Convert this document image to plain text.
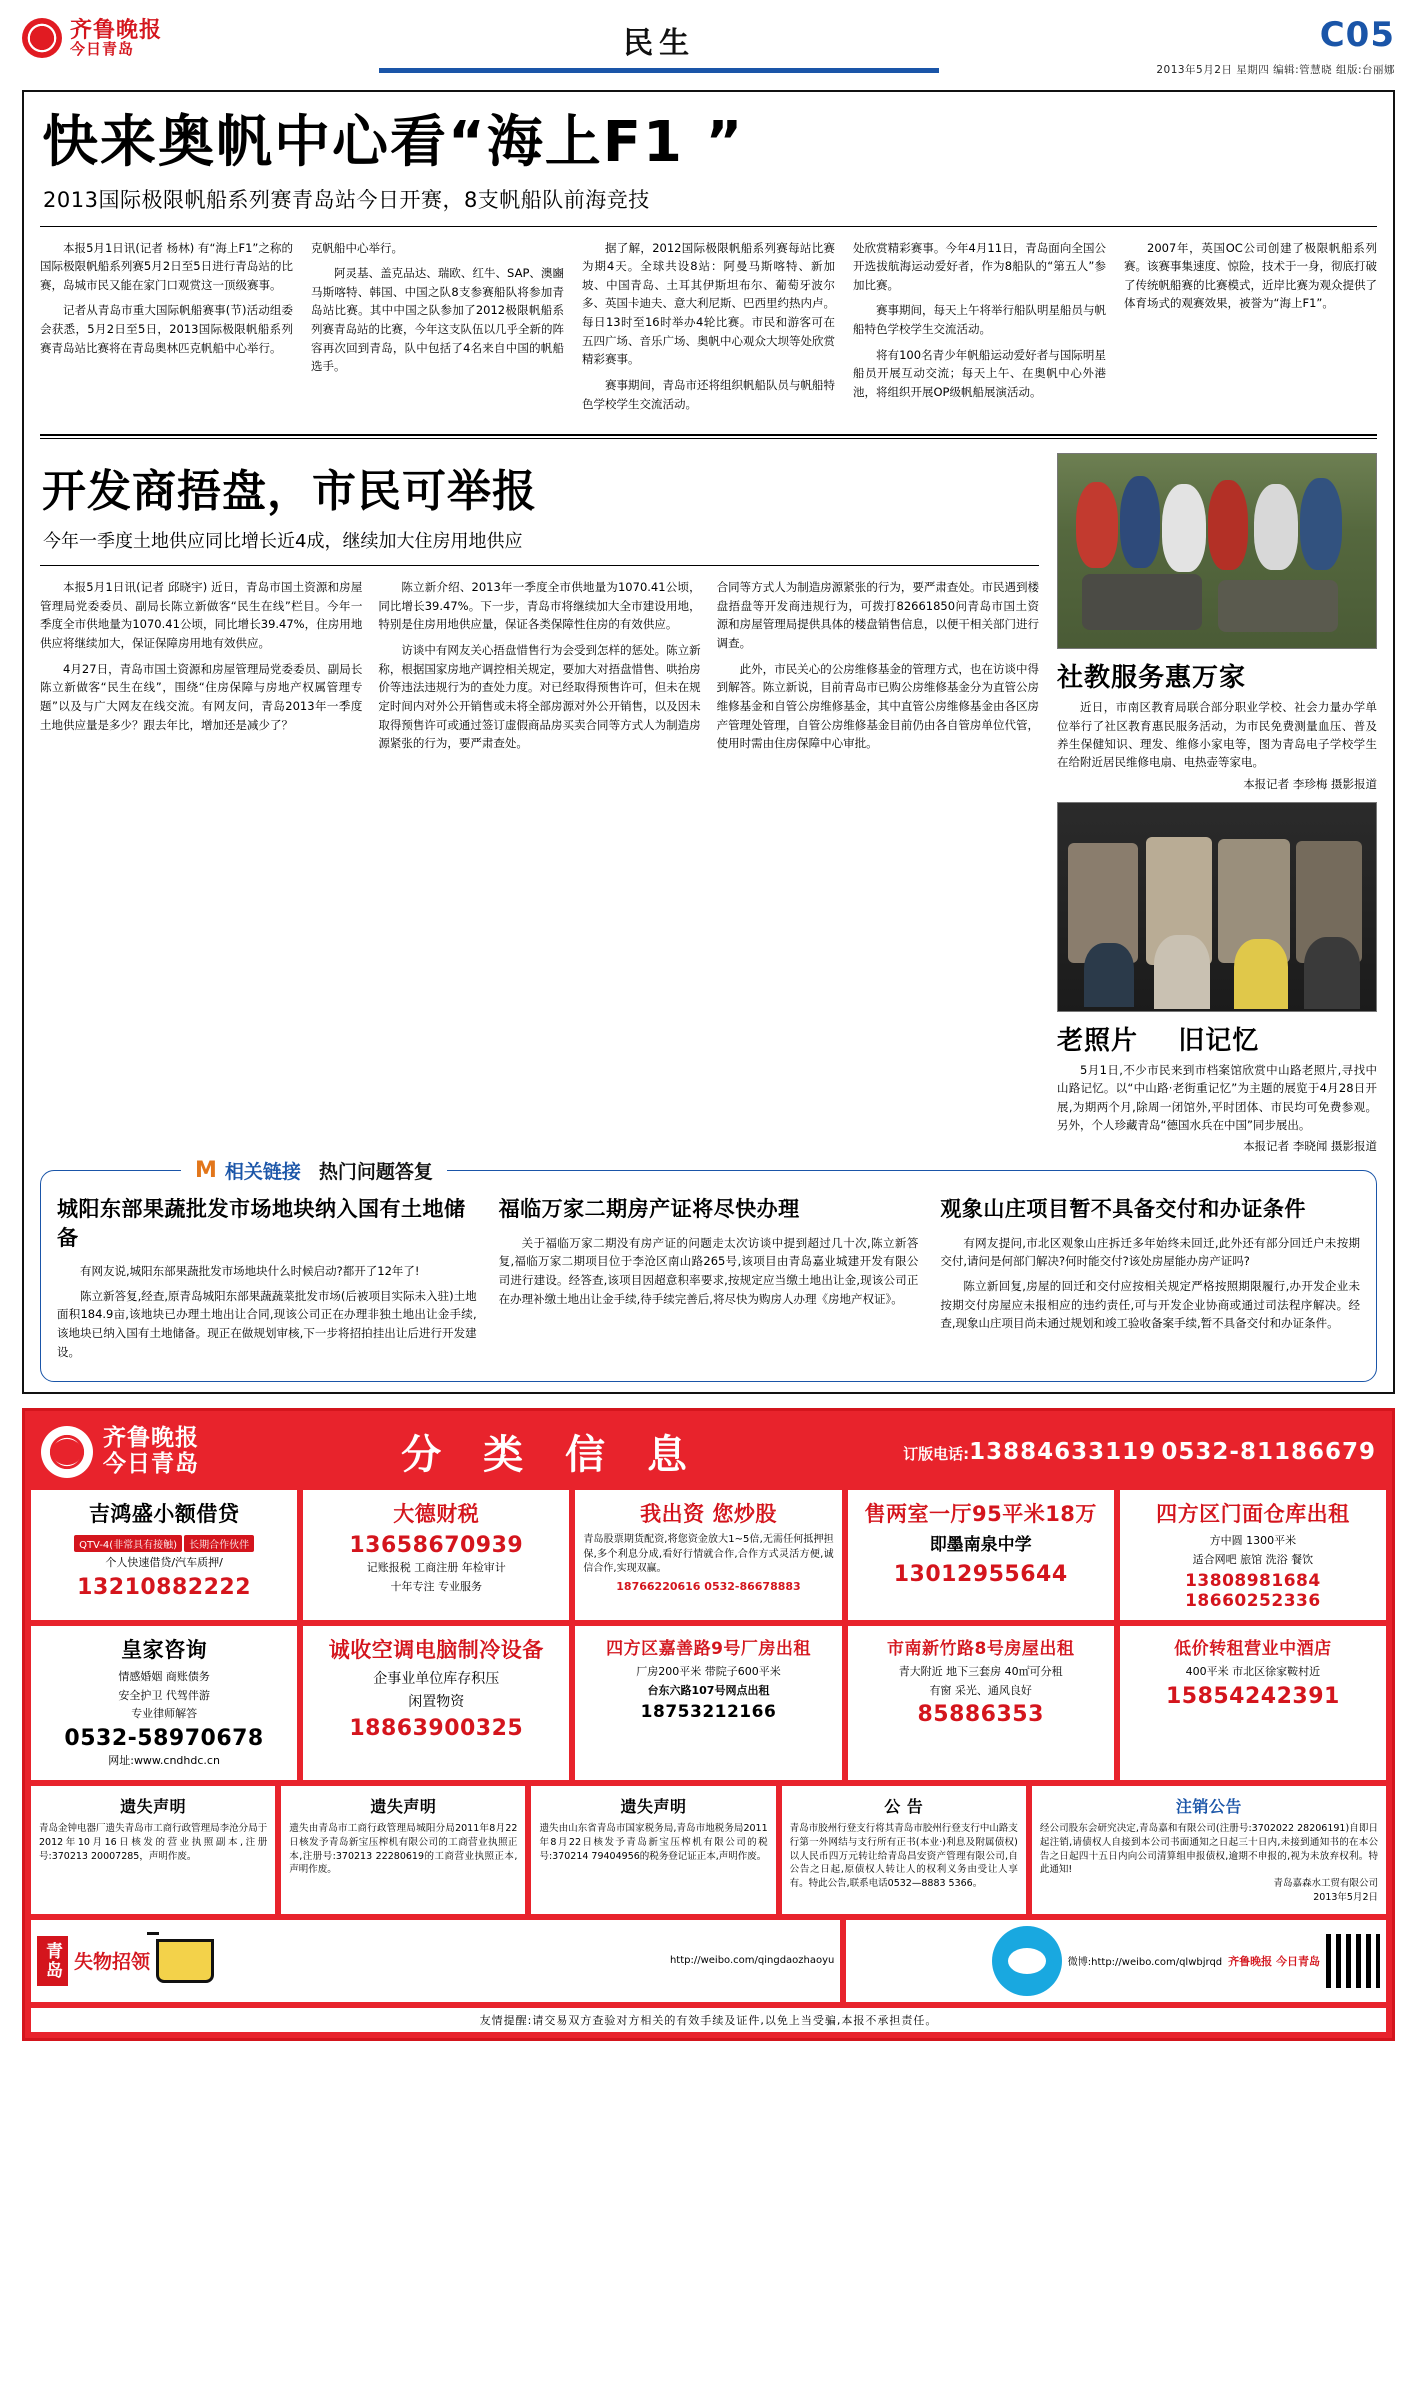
齐鲁晚报
今日青岛	民生	C05
2013年5月2日 星期四 编辑:管慧晓 组版:台丽娜
快来奥帆中心看“海上F1 ”
2013国际极限帆船系列赛青岛站今日开赛，8支帆船队前海竞技

本报5月1日讯(记者 杨林) 有“海上F1”之称的国际极限帆船系列赛5月2日至5日进行青岛站的比赛，岛城市民又能在家门口观赏这一顶级赛事。

记者从青岛市重大国际帆船赛事(节)活动组委会获悉，5月2日至5日，2013国际极限帆船系列赛青岛站比赛将在青岛奥林匹克帆船中心举行。

克帆船中心举行。

阿灵基、盖克品达、瑞欧、红牛、SAP、澳豳马斯喀特、韩国、中国之队8支参赛船队将参加青岛站比赛。其中中国之队参加了2012极限帆船系列赛青岛站的比赛，今年这支队伍以几乎全新的阵容再次回到青岛，队中包括了4名来自中国的帆船选手。

据了解，2012国际极限帆船系列赛每站比赛为期4天。全球共设8站：阿曼马斯喀特、新加坡、中国青岛、土耳其伊斯坦布尔、葡萄牙波尔多、英国卡迪夫、意大利尼斯、巴西里约热内卢。每日13时至16时举办4轮比赛。市民和游客可在五四广场、音乐广场、奥帆中心观众大坝等处欣赏精彩赛事。

赛事期间，青岛市还将组织帆船队员与帆船特色学校学生交流活动。

处欣赏精彩赛事。今年4月11日，青岛面向全国公开选拔航海运动爱好者，作为8船队的“第五人”参加比赛。

赛事期间，每天上午将举行船队明星船员与帆船特色学校学生交流活动。

将有100名青少年帆船运动爱好者与国际明星船员开展互动交流；每天上午、在奥帆中心外港池，将组织开展OP级帆船展演活动。

2007年，英国OC公司创建了极限帆船系列赛。该赛事集速度、惊险，技术于一身，彻底打破了传统帆船赛的比赛模式，近岸比赛为观众提供了体育场式的观赛效果，被誉为“海上F1”。

开发商捂盘，市民可举报
今年一季度土地供应同比增长近4成，继续加大住房用地供应

本报5月1日讯(记者 邱晓宇) 近日，青岛市国土资源和房屋管理局党委委员、副局长陈立新做客“民生在线”栏目。今年一季度全市供地量为1070.41公顷，同比增长39.47%，住房用地供应将继续加大，保证保障房用地有效供应。

4月27日，青岛市国土资源和房屋管理局党委委员、副局长陈立新做客“民生在线”，围绕“住房保障与房地产权属管理专题”以及与广大网友在线交流。有网友问，青岛2013年一季度土地供应量是多少？跟去年比，增加还是减少了？

陈立新介绍、2013年一季度全市供地量为1070.41公顷，同比增长39.47%。下一步，青岛市将继续加大全市建设用地，特别是住房用地供应量，保证各类保障性住房的有效供应。

访谈中有网友关心捂盘惜售行为会受到怎样的惩处。陈立新称，根据国家房地产调控相关规定，要加大对捂盘惜售、哄抬房价等违法违规行为的查处力度。对已经取得预售许可，但未在规定时间内对外公开销售或未将全部房源对外公开销售，以及因未取得预售许可或通过签订虚假商品房买卖合同等方式人为制造房源紧张的行为，要严肃查处。

合同等方式人为制造房源紧张的行为，要严肃查处。市民遇到楼盘捂盘等开发商违规行为，可拨打82661850问青岛市国土资源和房屋管理局提供具体的楼盘销售信息，以便干相关部门进行调查。

此外，市民关心的公房维修基金的管理方式，也在访谈中得到解答。陈立新说，目前青岛市已购公房维修基金分为直管公房维修基金和自管公房维修基金，其中直管公房维修基金由各区房产管理处管理，自管公房维修基金目前仍由各自管房单位代管，使用时需由住房保障中心审批。

社教服务惠万家

近日，市南区教育局联合部分职业学校、社会力量办学单位举行了社区教育惠民服务活动，为市民免费测量血压、普及养生保健知识、理发、维修小家电等，图为青岛电子学校学生在给附近居民维修电扇、电热壶等家电。

本报记者 李珍梅 摄影报道

老照片 旧记忆

5月1日,不少市民来到市档案馆欣赏中山路老照片,寻找中山路记忆。以“中山路·老街重记忆”为主题的展览于4月28日开展,为期两个月,除周一闭馆外,平时团体、市民均可免费参观。另外，个人珍藏青岛“德国水兵在中国”同步展出。

本报记者 李晓闻 摄影报道

M 相关链接 热门问题答复
城阳东部果蔬批发市场地块纳入国有土地储备

有网友说,城阳东部果蔬批发市场地块什么时候启动?都开了12年了!

陈立新答复,经查,原青岛城阳东部果蔬蔬菜批发市场(后被项目实际未入驻)土地面积184.9亩,该地块已办理土地出让合同,现该公司正在办理非独土地出让金手续,该地块已纳入国有土地储备。现正在做规划审核,下一步将招拍挂出让后进行开发建设。

福临万家二期房产证将尽快办理

关于福临万家二期没有房产证的问题走太次访谈中提到超过几十次,陈立新答复,福临万家二期项目位于李沧区南山路265号,该项目由青岛嘉业城建开发有限公司进行建设。经答查,该项目因超意积率要求,按规定应当缴土地出让金,现该公司正在办理补缴土地出让金手续,待手续完善后,将尽快为购房人办理《房地产权证》。

观象山庄项目暂不具备交付和办证条件

有网友提问,市北区观象山庄拆迁多年始终未回迁,此外还有部分回迁户未按期交付,请问是何部门解决?何时能交付?该处房屋能办房产证吗?

陈立新回复,房屋的回迁和交付应按相关规定严格按照期限履行,办开发企业未按期交付房屋应未报相应的违约责任,可与开发企业协商或通过司法程序解决。经查,现象山庄项目尚未通过规划和竣工验收备案手续,暂不具备交付和办证条件。

齐鲁晚报
今日青岛	分 类 信 息	订版电话:13884633119 0532-81186679
吉鸿盛小额借贷
QTV-4(非常具有接触) 长期合作伙伴
个人快速借贷/汽车质押/
13210882222
大德财税
13658670939
记账报税 工商注册 年检审计
十年专注 专业服务
我出资 您炒股
青岛股票期货配资,将您资金放大1~5倍,无需任何抵押担保,多个利息分成,看好行情就合作,合作方式灵活方便,诚信合作,实现双赢。
18766220616 0532-86678883
售两室一厅95平米18万
即墨南泉中学
13012955644
四方区门面仓库出租
方中圆 1300平米
适合网吧 旅馆 洗浴 餐饮
13808981684 18660252336
皇家咨询
情感婚姻 商账债务
安全护卫 代驾伴游
专业律师解答
0532-58970678
网址:www.cndhdc.cn
诚收空调电脑制冷设备
企事业单位库存积压
闲置物资
18863900325
四方区嘉善路9号厂房出租
厂房200平米 带院子600平米
台东六路107号网点出租
18753212166
市南新竹路8号房屋出租
青大附近 地下三套房 40㎡可分租
有窗 采光、通风良好
85886353
低价转租营业中酒店
400平米 市北区徐家鞍村近
15854242391
遗失声明
青岛金钟电器厂遗失青岛市工商行政管理局李沧分局于2012年10月16日核发的营业执照副本,注册号:370213 20007285，声明作废。
遗失声明
遗失由青岛市工商行政管理局城阳分局2011年8月22日核发予青岛新宝压榨机有限公司的工商营业执照正本,注册号:370213 22280619的工商营业执照正本,声明作废。
遗失声明
遗失由山东省青岛市国家税务局,青岛市地税务局2011年8月22日核发予青岛新宝压榨机有限公司的税号:370214 79404956的税务登记证正本,声明作废。
公 告
青岛市胶州行登支行将其青岛市胶州行登支行中山路支行第一外网结与支行所有正书(本业·)利息及附属债权)以人民币四万元转让给青岛昌安资产管理有限公司,自公告之日起,原债权人转让人的权利义务由受让人享有。特此公告,联系电话0532—8883 5366。
注销公告
经公司股东会研究决定,青岛嘉和有限公司(注册号:3702022 28206191)自即日起注销,请债权人自接到本公司书面通知之日起三十日内,未接到通知书的在本公告之日起四十五日内向公司清算组申报债权,逾期不申报的,视为未放弃权利。特此通知!
青岛嘉森水工贸有限公司
2013年5月2日
青岛 失物招领	http://weibo.com/qingdaozhaoyu	微博:http://weibo.com/qlwbjrqd 齐鲁晚报 今日青岛
友情提醒:请交易双方查验对方相关的有效手续及证件,以免上当受骗,本报不承担责任。
